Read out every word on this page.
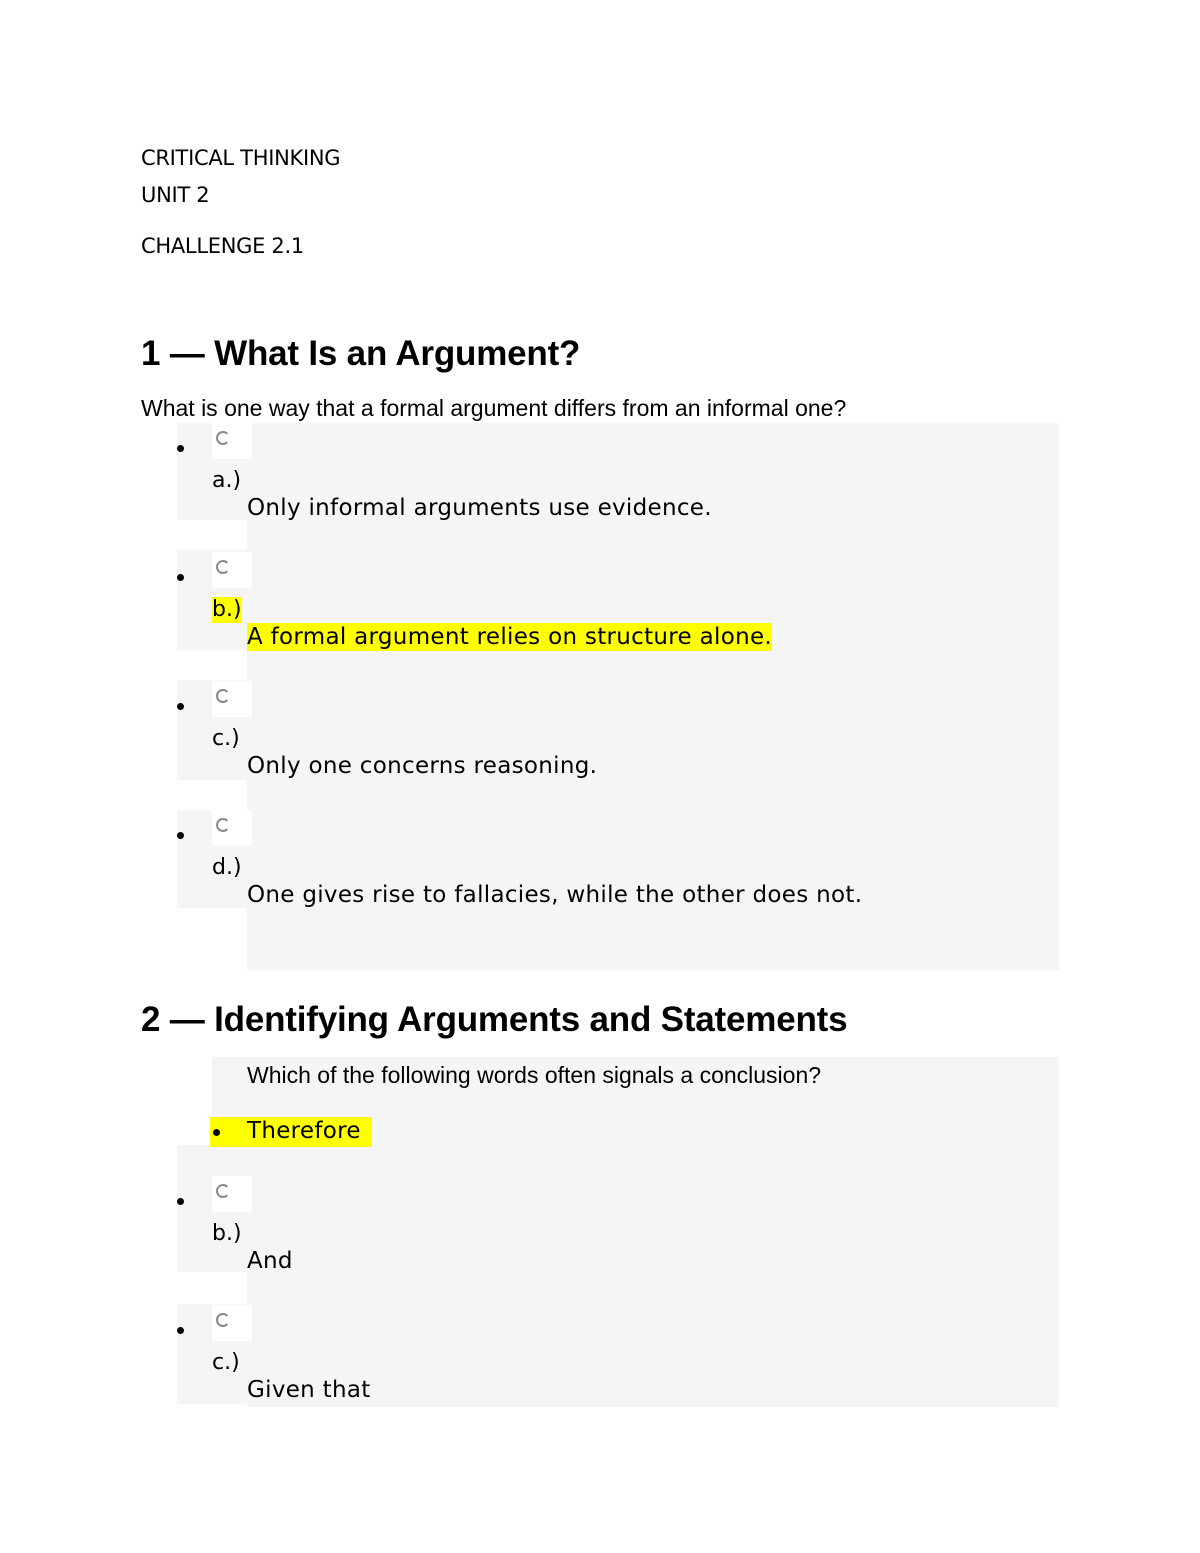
CRITICAL THINKING
UNIT 2
CHALLENGE 2.1
1 — What Is an Argument?
What is one way that a formal argument differs from an informal one?
a.)
Only informal arguments use evidence.
b.)
A formal argument relies on structure alone.
c.)
Only one concerns reasoning.
d.)
One gives rise to fallacies, while the other does not.
2 — Identifying Arguments and Statements
Which of the following words often signals a conclusion?
Therefore
b.)
And
c.)
Given that
